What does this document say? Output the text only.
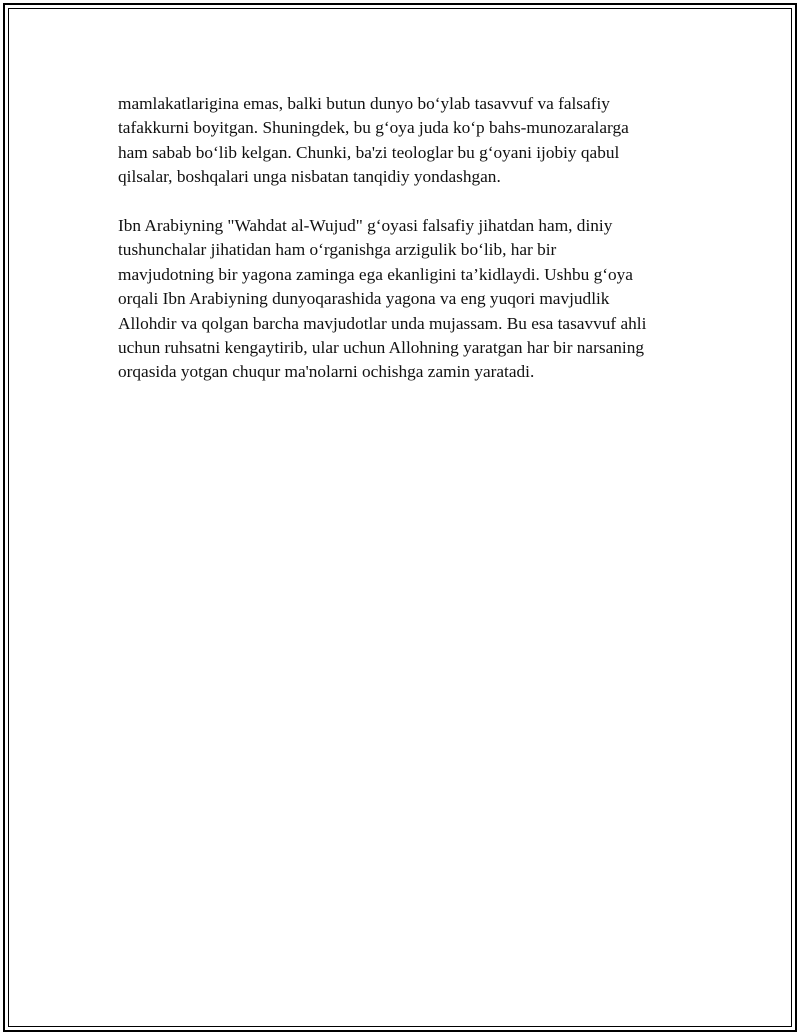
mamlakatlarigina emas, balki butun dunyo bo‘ylab tasavvuf va falsafiy
tafakkurni boyitgan. Shuningdek, bu g‘oya juda ko‘p bahs-munozaralarga
ham sabab bo‘lib kelgan. Chunki, ba'zi teologlar bu g‘oyani ijobiy qabul
qilsalar, boshqalari unga nisbatan tanqidiy yondashgan.

Ibn Arabiyning "Wahdat al-Wujud" g‘oyasi falsafiy jihatdan ham, diniy
tushunchalar jihatidan ham o‘rganishga arzigulik bo‘lib, har bir
mavjudotning bir yagona zaminga ega ekanligini ta’kidlaydi. Ushbu g‘oya
orqali Ibn Arabiyning dunyoqarashida yagona va eng yuqori mavjudlik
Allohdir va qolgan barcha mavjudotlar unda mujassam. Bu esa tasavvuf ahli
uchun ruhsatni kengaytirib, ular uchun Allohning yaratgan har bir narsaning
orqasida yotgan chuqur ma'nolarni ochishga zamin yaratadi.
